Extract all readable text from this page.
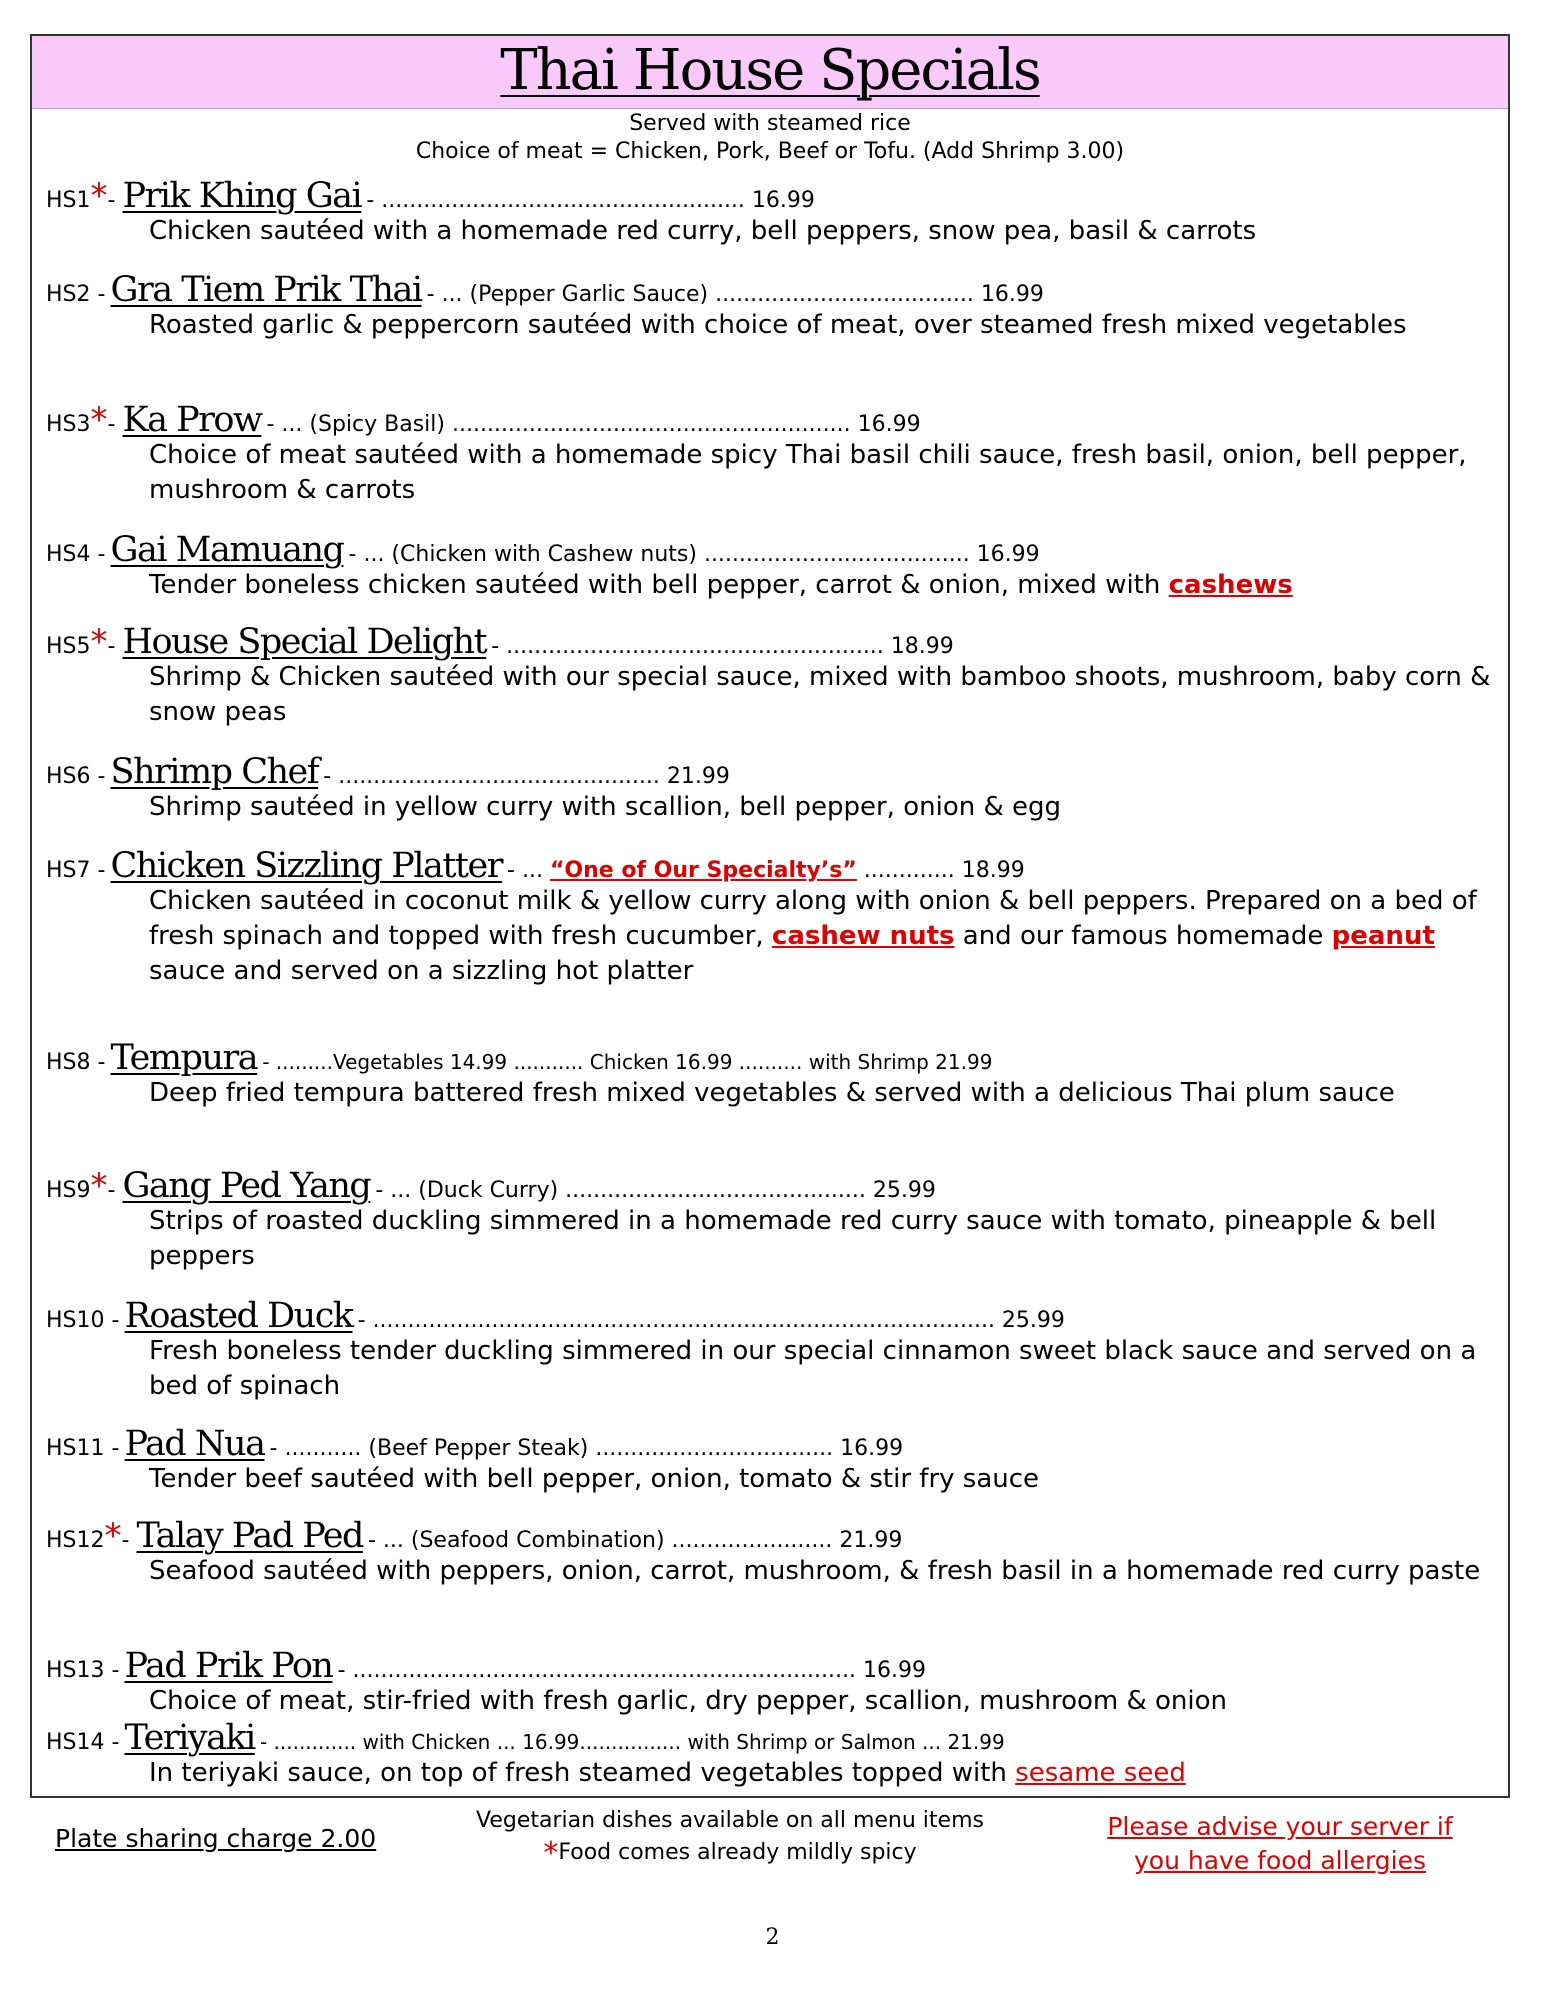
Thai House Specials
Served with steamed rice
Choice of meat = Chicken, Pork, Beef or Tofu. (Add Shrimp 3.00)
HS1*- Prik Khing Gai - .................................................... 16.99
Chicken sautéed with a homemade red curry, bell peppers, snow pea, basil & carrots
HS2 - Gra Tiem Prik Thai - ... (Pepper Garlic Sauce) ..................................... 16.99
Roasted garlic & peppercorn sautéed with choice of meat, over steamed fresh mixed vegetables
HS3*- Ka Prow - ... (Spicy Basil) ......................................................... 16.99
Choice of meat sautéed with a homemade spicy Thai basil chili sauce, fresh basil, onion, bell pepper, mushroom & carrots
HS4 - Gai Mamuang - ... (Chicken with Cashew nuts) ...................................... 16.99
Tender boneless chicken sautéed with bell pepper, carrot & onion, mixed with cashews
HS5*- House Special Delight - ...................................................... 18.99
Shrimp & Chicken sautéed with our special sauce, mixed with bamboo shoots, mushroom, baby corn & snow peas
HS6 - Shrimp Chef - .............................................. 21.99
Shrimp sautéed in yellow curry with scallion, bell pepper, onion & egg
HS7 - Chicken Sizzling Platter - ... “One of Our Specialty’s” ............. 18.99
Chicken sautéed in coconut milk & yellow curry along with onion & bell peppers. Prepared on a bed of fresh spinach and topped with fresh cucumber, cashew nuts and our famous homemade peanut sauce and served on a sizzling hot platter
HS8 - Tempura - .........Vegetables 14.99 ........... Chicken 16.99 .......... with Shrimp 21.99
Deep fried tempura battered fresh mixed vegetables & served with a delicious Thai plum sauce
HS9*- Gang Ped Yang - ... (Duck Curry) ........................................... 25.99
Strips of roasted duckling simmered in a homemade red curry sauce with tomato, pineapple & bell peppers
HS10 - Roasted Duck - ......................................................................................... 25.99
Fresh boneless tender duckling simmered in our special cinnamon sweet black sauce and served on a bed of spinach
HS11 - Pad Nua - ........... (Beef Pepper Steak) .................................. 16.99
Tender beef sautéed with bell pepper, onion, tomato & stir fry sauce
HS12*- Talay Pad Ped - ... (Seafood Combination) ....................... 21.99
Seafood sautéed with peppers, onion, carrot, mushroom, & fresh basil in a homemade red curry paste
HS13 - Pad Prik Pon - ........................................................................ 16.99
Choice of meat, stir-fried with fresh garlic, dry pepper, scallion, mushroom & onion
HS14 - Teriyaki - ............. with Chicken ... 16.99................ with Shrimp or Salmon ... 21.99
In teriyaki sauce, on top of fresh steamed vegetables topped with sesame seed
Plate sharing charge 2.00
Vegetarian dishes available on all menu items
*Food comes already mildly spicy
Please advise your server if
you have food allergies
2
